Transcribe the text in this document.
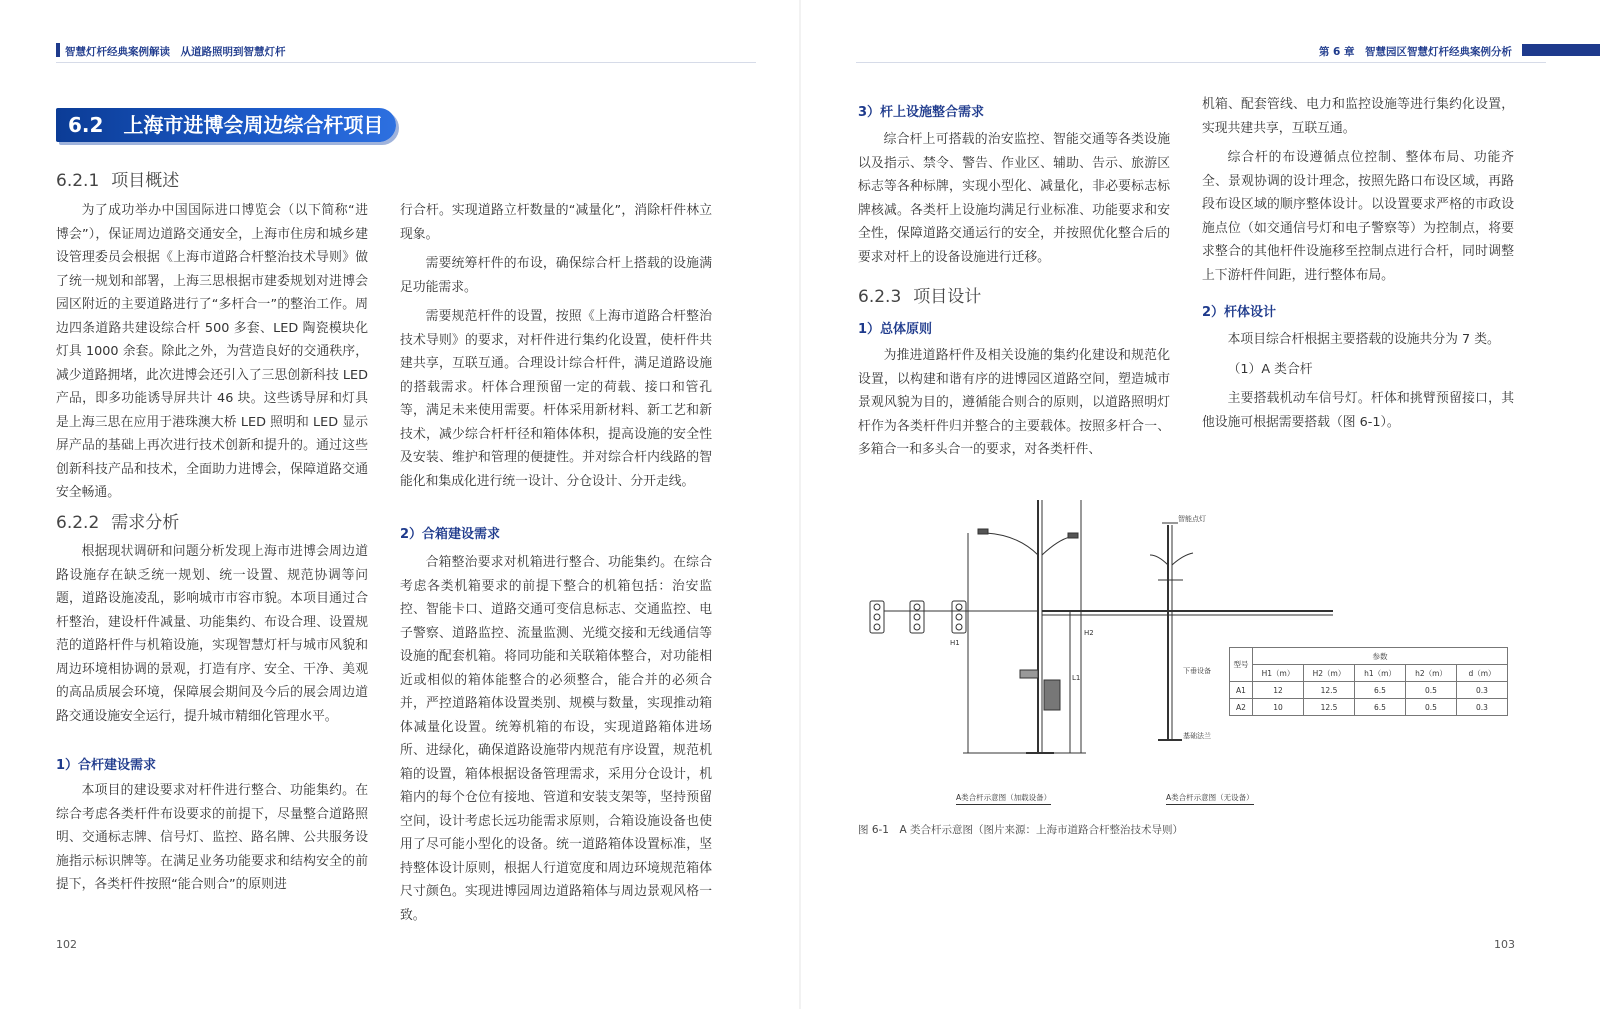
智慧灯杆经典案例解读　从道路照明到智慧灯杆
6.2 上海市进博会周边综合杆项目
6.2.1 项目概述

为了成功举办中国国际进口博览会（以下简称“进博会”），保证周边道路交通安全，上海市住房和城乡建设管理委员会根据《上海市道路合杆整治技术导则》做了统一规划和部署，上海三思根据市建委规划对进博会园区附近的主要道路进行了“多杆合一”的整治工作。周边四条道路共建设综合杆 500 多套、LED 陶瓷模块化灯具 1000 余套。除此之外，为营造良好的交通秩序，减少道路拥堵，此次进博会还引入了三思创新科技 LED 产品，即多功能诱导屏共计 46 块。这些诱导屏和灯具是上海三思在应用于港珠澳大桥 LED 照明和 LED 显示屏产品的基础上再次进行技术创新和提升的。通过这些创新科技产品和技术，全面助力进博会，保障道路交通安全畅通。

6.2.2 需求分析

根据现状调研和问题分析发现上海市进博会周边道路设施存在缺乏统一规划、统一设置、规范协调等问题，道路设施凌乱，影响城市市容市貌。本项目通过合杆整治，建设杆件减量、功能集约、布设合理、设置规范的道路杆件与机箱设施，实现智慧灯杆与城市风貌和周边环境相协调的景观，打造有序、安全、干净、美观的高品质展会环境，保障展会期间及今后的展会周边道路交通设施安全运行，提升城市精细化管理水平。

1）合杆建设需求

本项目的建设要求对杆件进行整合、功能集约。在综合考虑各类杆件布设要求的前提下，尽量整合道路照明、交通标志牌、信号灯、监控、路名牌、公共服务设施指示标识牌等。在满足业务功能要求和结构安全的前提下，各类杆件按照“能合则合”的原则进

行合杆。实现道路立杆数量的“减量化”，消除杆件林立现象。

需要统筹杆件的布设，确保综合杆上搭载的设施满足功能需求。

需要规范杆件的设置，按照《上海市道路合杆整治技术导则》的要求，对杆件进行集约化设置，使杆件共建共享，互联互通。合理设计综合杆件，满足道路设施的搭载需求。杆体合理预留一定的荷载、接口和管孔等，满足未来使用需要。杆体采用新材料、新工艺和新技术，减少综合杆杆径和箱体体积，提高设施的安全性及安装、维护和管理的便捷性。并对综合杆内线路的智能化和集成化进行统一设计、分仓设计、分开走线。

2）合箱建设需求

合箱整治要求对机箱进行整合、功能集约。在综合考虑各类机箱要求的前提下整合的机箱包括：治安监控、智能卡口、道路交通可变信息标志、交通监控、电子警察、道路监控、流量监测、光缆交接和无线通信等设施的配套机箱。将同功能和关联箱体整合，对功能相近或相似的箱体能整合的必须整合，能合并的必须合并，严控道路箱体设置类别、规模与数量，实现推动箱体减量化设置。统筹机箱的布设，实现道路箱体进场所、进绿化，确保道路设施带内规范有序设置，规范机箱的设置，箱体根据设备管理需求，采用分仓设计，机箱内的每个仓位有接地、管道和安装支架等，坚持预留空间，设计考虑长远功能需求原则，合箱设施设备也使用了尽可能小型化的设备。统一道路箱体设置标准，坚持整体设计原则，根据人行道宽度和周边环境规范箱体尺寸颜色。实现进博园周边道路箱体与周边景观风格一致。

102
第 6 章　智慧园区智慧灯杆经典案例分析
3）杆上设施整合需求

综合杆上可搭载的治安监控、智能交通等各类设施以及指示、禁令、警告、作业区、辅助、告示、旅游区标志等各种标牌，实现小型化、减量化，非必要标志标牌核减。各类杆上设施均满足行业标准、功能要求和安全性，保障道路交通运行的安全，并按照优化整合后的要求对杆上的设备设施进行迁移。

6.2.3 项目设计
1）总体原则

为推进道路杆件及相关设施的集约化建设和规范化设置，以构建和谐有序的进博园区道路空间，塑造城市景观风貌为目的，遵循能合则合的原则，以道路照明灯杆作为各类杆件归并整合的主要载体。按照多杆合一、多箱合一和多头合一的要求，对各类杆件、

机箱、配套管线、电力和监控设施等进行集约化设置，实现共建共享，互联互通。

综合杆的布设遵循点位控制、整体布局、功能齐全、景观协调的设计理念，按照先路口布设区域，再路段布设区域的顺序整体设计。以设置要求严格的市政设施点位（如交通信号灯和电子警察等）为控制点，将要求整合的其他杆件设施移至控制点进行合杆，同时调整上下游杆件间距，进行整体布局。

2）杆体设计

本项目综合杆根据主要搭载的设施共分为 7 类。

（1）A 类合杆

主要搭载机动车信号灯。杆体和挑臂预留接口，其他设施可根据需要搭载（图 6-1）。

H1
H2
L1
智能点灯
下垂设备
基础法兰
型号	参数				
	H1（m）	H2（m）	h1（m）	h2（m）	d（m）
A1	12	12.5	6.5	0.5	0.3
A2	10	12.5	6.5	0.5	0.3
A类合杆示意图（加载设备）	A类合杆示意图（无设备）
图 6-1　A 类合杆示意图（图片来源：上海市道路合杆整治技术导则）
103
